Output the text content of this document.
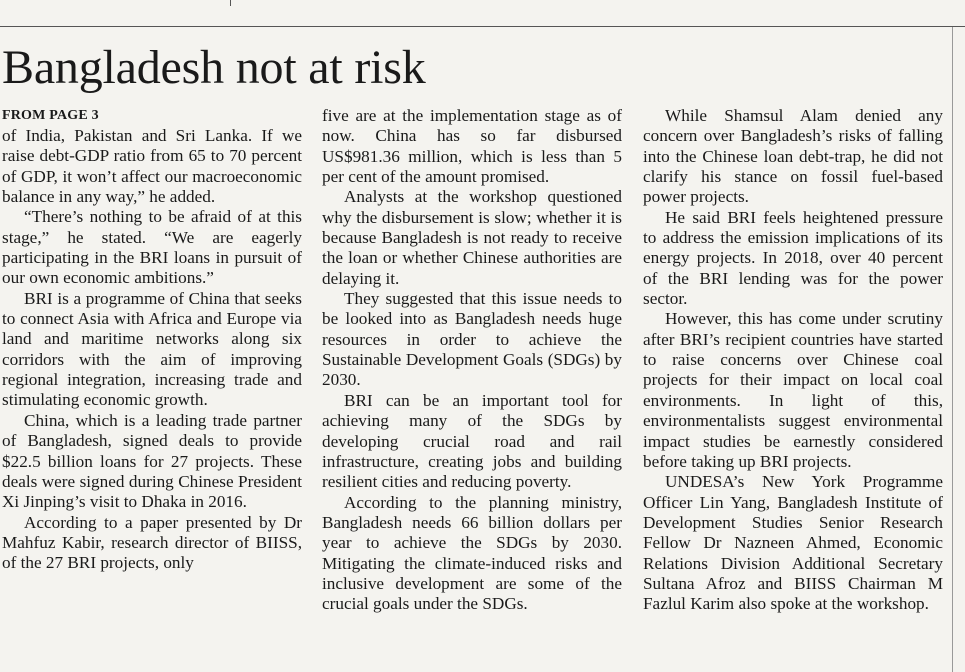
Bangladesh not at risk
FROM PAGE 3

of India, Pakistan and Sri Lanka. If we raise debt-GDP ratio from 65 to 70 percent of GDP, it won’t affect our macroeconomic balance in any way,” he added.

“There’s nothing to be afraid of at this stage,” he stated. “We are eagerly participating in the BRI loans in pursuit of our own economic ambitions.”

BRI is a programme of China that seeks to connect Asia with Africa and Europe via land and maritime networks along six corridors with the aim of improving regional integration, increasing trade and stimulating economic growth.

China, which is a leading trade partner of Bangladesh, signed deals to provide $22.5 billion loans for 27 projects. These deals were signed during Chinese President Xi Jinping’s visit to Dhaka in 2016.

According to a paper presented by Dr Mahfuz Kabir, research director of BIISS, of the 27 BRI projects, only

five are at the implementation stage as of now. China has so far disbursed US$981.36 million, which is less than 5 per cent of the amount promised.

Analysts at the workshop questioned why the disbursement is slow; whether it is because Bangladesh is not ready to receive the loan or whether Chinese authorities are delaying it.

They suggested that this issue needs to be looked into as Bangladesh needs huge resources in order to achieve the Sustainable Development Goals (SDGs) by 2030.

BRI can be an important tool for achieving many of the SDGs by developing crucial road and rail infrastructure, creating jobs and building resilient cities and reducing poverty.

According to the planning ministry, Bangladesh needs 66 billion dollars per year to achieve the SDGs by 2030. Mitigating the climate-induced risks and inclusive development are some of the crucial goals under the SDGs.

While Shamsul Alam denied any concern over Bangladesh’s risks of falling into the Chinese loan debt-trap, he did not clarify his stance on fossil fuel-based power projects.

He said BRI feels heightened pressure to address the emission implications of its energy projects. In 2018, over 40 percent of the BRI lending was for the power sector.

However, this has come under scrutiny after BRI’s recipient countries have started to raise concerns over Chinese coal projects for their impact on local coal environments. In light of this, environmentalists suggest environmental impact studies be earnestly considered before taking up BRI projects.

UNDESA’s New York Programme Officer Lin Yang, Bangladesh Institute of Development Studies Senior Research Fellow Dr Nazneen Ahmed, Economic Relations Division Additional Secretary Sultana Afroz and BIISS Chairman M Fazlul Karim also spoke at the workshop.
